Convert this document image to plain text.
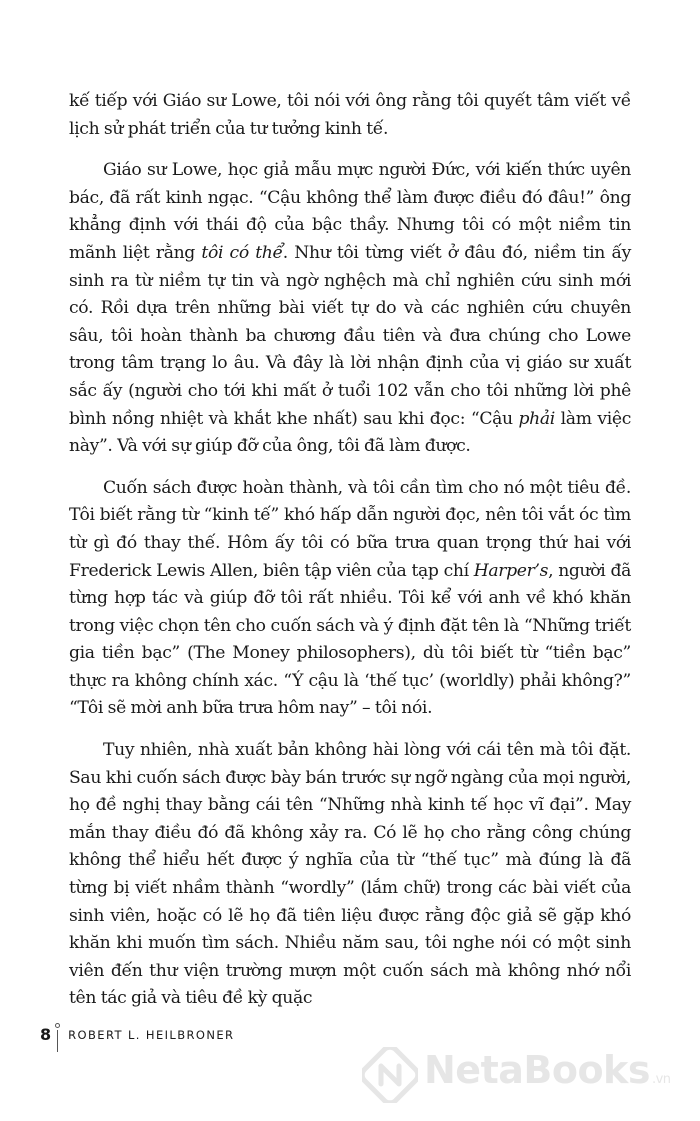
kế tiếp với Giáo sư Lowe, tôi nói với ông rằng tôi quyết tâm viết về lịch sử phát triển của tư tưởng kinh tế.

Giáo sư Lowe, học giả mẫu mực người Đức, với kiến thức uyên bác, đã rất kinh ngạc. “Cậu không thể làm được điều đó đâu!” ông khẳng định với thái độ của bậc thầy. Nhưng tôi có một niềm tin mãnh liệt rằng tôi có thể. Như tôi từng viết ở đâu đó, niềm tin ấy sinh ra từ niềm tự tin và ngờ nghệch mà chỉ nghiên cứu sinh mới có. Rồi dựa trên những bài viết tự do và các nghiên cứu chuyên sâu, tôi hoàn thành ba chương đầu tiên và đưa chúng cho Lowe trong tâm trạng lo âu. Và đây là lời nhận định của vị giáo sư xuất sắc ấy (người cho tới khi mất ở tuổi 102 vẫn cho tôi những lời phê bình nồng nhiệt và khắt khe nhất) sau khi đọc: “Cậu phải làm việc này”. Và với sự giúp đỡ của ông, tôi đã làm được.

Cuốn sách được hoàn thành, và tôi cần tìm cho nó một tiêu đề. Tôi biết rằng từ “kinh tế” khó hấp dẫn người đọc, nên tôi vắt óc tìm từ gì đó thay thế. Hôm ấy tôi có bữa trưa quan trọng thứ hai với Frederick Lewis Allen, biên tập viên của tạp chí Harper’s, người đã từng hợp tác và giúp đỡ tôi rất nhiều. Tôi kể với anh về khó khăn trong việc chọn tên cho cuốn sách và ý định đặt tên là “Những triết gia tiền bạc” (The Money philosophers), dù tôi biết từ “tiền bạc” thực ra không chính xác. “Ý cậu là ‘thế tục’ (worldly) phải không?” “Tôi sẽ mời anh bữa trưa hôm nay” – tôi nói.

Tuy nhiên, nhà xuất bản không hài lòng với cái tên mà tôi đặt. Sau khi cuốn sách được bày bán trước sự ngỡ ngàng của mọi người, họ đề nghị thay bằng cái tên “Những nhà kinh tế học vĩ đại”. May mắn thay điều đó đã không xảy ra. Có lẽ họ cho rằng công chúng không thể hiểu hết được ý nghĩa của từ “thế tục” mà đúng là đã từng bị viết nhầm thành “wordly” (lắm chữ) trong các bài viết của sinh viên, hoặc có lẽ họ đã tiên liệu được rằng độc giả sẽ gặp khó khăn khi muốn tìm sách. Nhiều năm sau, tôi nghe nói có một sinh viên đến thư viện trường mượn một cuốn sách mà không nhớ nổi tên tác giả và tiêu đề kỳ quặc

8 ROBERT L. HEILBRONER
NetaBooks .vn
